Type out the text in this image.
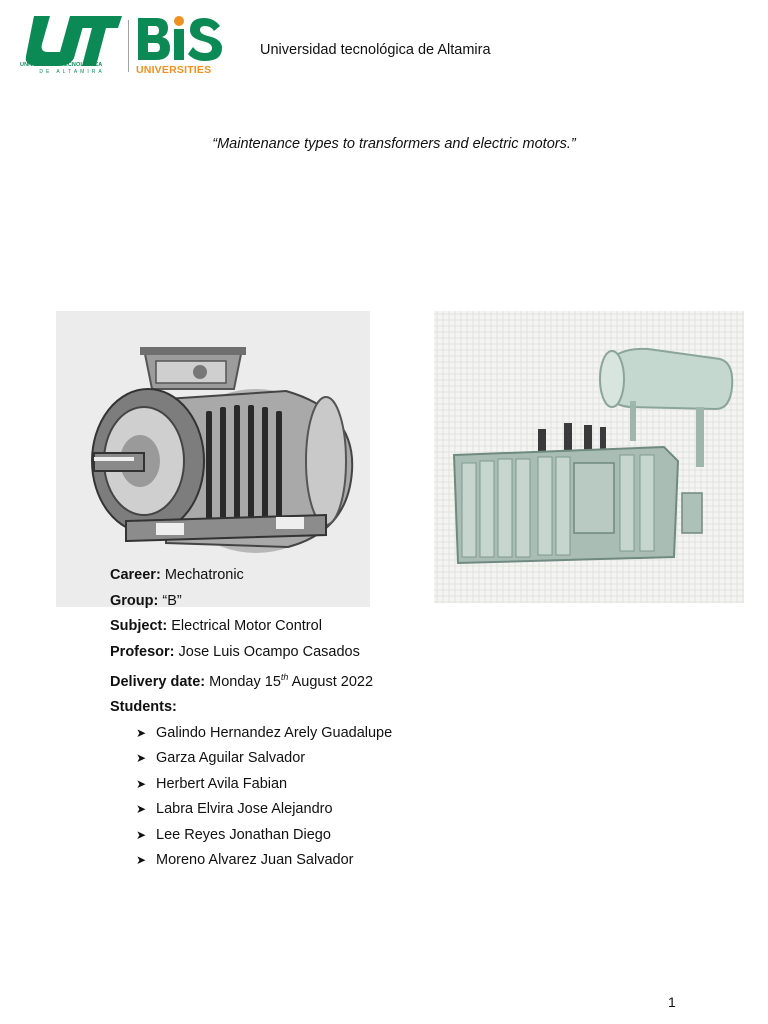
UNIVERSIDAD TECNOLÓGICA
DE ALTAMIRA	UNIVERSITIES
Universidad tecnológica de Altamira
“Maintenance types to transformers and electric motors.”
Career: Mechatronic
Group: “B”
Subject: Electrical Motor Control
Profesor: Jose Luis Ocampo Casados
Delivery date: Monday 15th August 2022
Students:
➤ Galindo Hernandez Arely Guadalupe
➤ Garza Aguilar Salvador
➤ Herbert Avila Fabian
➤ Labra Elvira Jose Alejandro
➤ Lee Reyes Jonathan Diego
➤ Moreno Alvarez Juan Salvador
1
